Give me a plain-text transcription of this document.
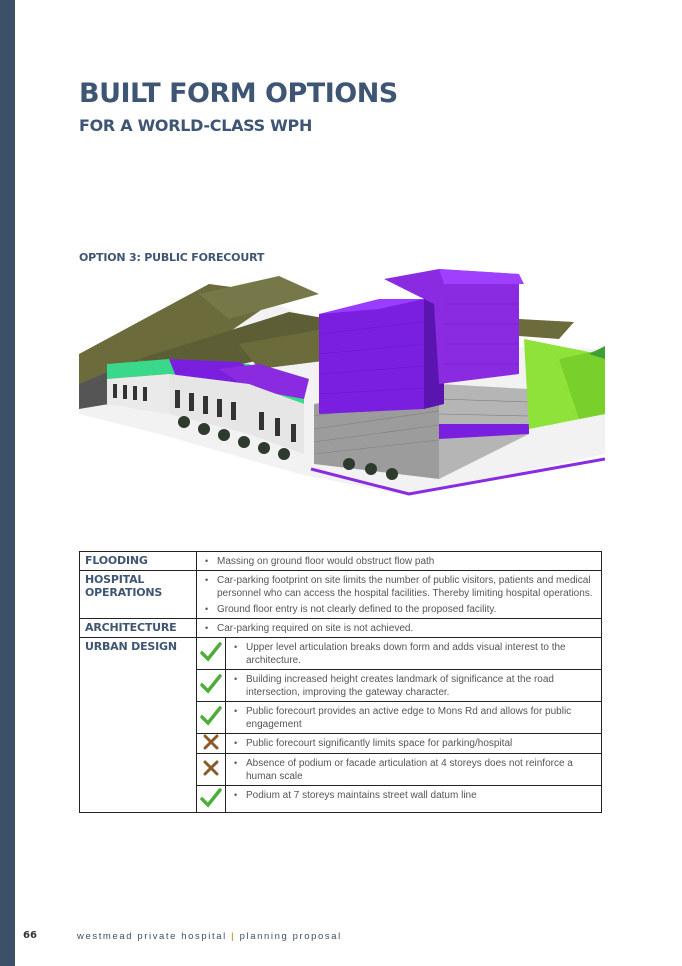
BUILT FORM OPTIONS
FOR A WORLD-CLASS WPH
OPTION 3: PUBLIC FORECOURT
FLOODING	• Massing on ground floor would obstruct flow path	

HOSPITAL OPERATIONS	• Car-parking footprint on site limits the number of public visitors, patients and medical personnel who can access the hospital facilities. Thereby limiting hospital operations.
• Ground floor entry is not clearly defined to the proposed facility.	

ARCHITECTURE	• Car-parking required on site is not achieved.	

URBAN DESIGN		• Upper level articulation breaks down form and adds visual interest to the architecture.

• Building increased height creates landmark of significance at the road intersection, improving the gateway character.

• Public forecourt provides an active edge to Mons Rd and allows for public engagement

• Public forecourt significantly limits space for parking/hospital

• Absence of podium or facade articulation at 4 storeys does not reinforce a human scale

• Podium at 7 storeys maintains street wall datum line
66	westmead private hospital | planning proposal
